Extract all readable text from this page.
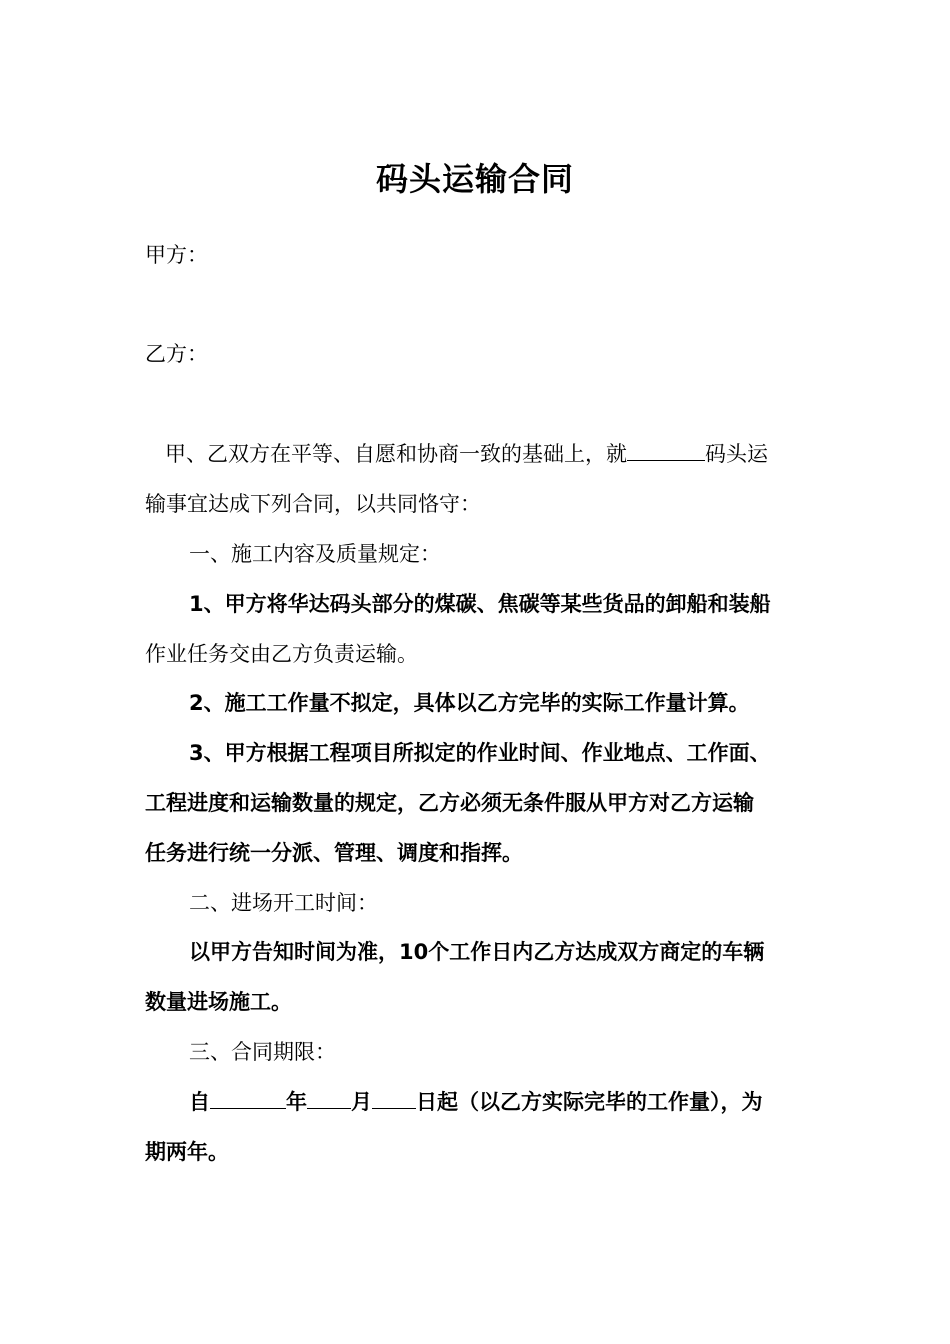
码头运输合同
甲方：
乙方：
甲、乙双方在平等、自愿和协商一致的基础上，就	码头运
输事宜达成下列合同，以共同恪守：
一、施工内容及质量规定：
1、甲方将华达码头部分的煤碳、焦碳等某些货品的卸船和装船
作业任务交由乙方负责运输。
2、施工工作量不拟定，具体以乙方完毕的实际工作量计算。
3、甲方根据工程项目所拟定的作业时间、作业地点、工作面、
工程进度和运输数量的规定，乙方必须无条件服从甲方对乙方运输
任务进行统一分派、管理、调度和指挥。
二、进场开工时间：
以甲方告知时间为准，10个工作日内乙方达成双方商定的车辆
数量进场施工。
三、合同期限：
自	年 月 日起（以乙方实际完毕的工作量），为
期两年。
